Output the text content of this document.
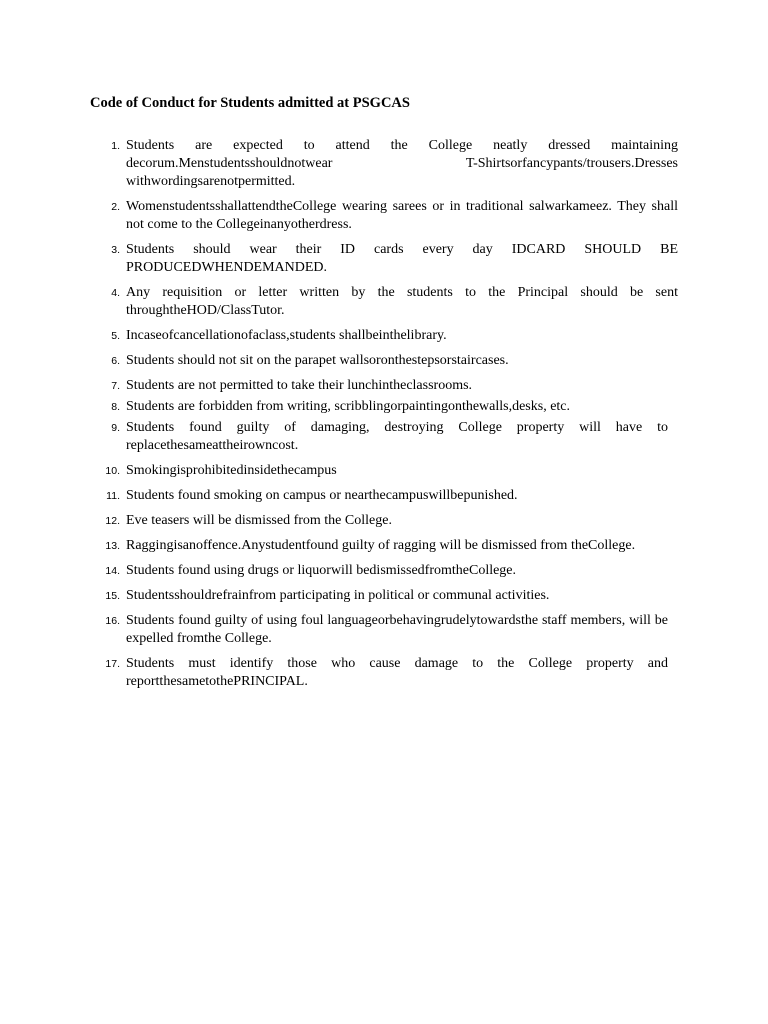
Code of Conduct for Students admitted at PSGCAS
1. Students are expected to attend the College neatly dressed maintaining decorum.Menstudentsshouldnotwear T-Shirtsorfancypants/trousers.Dresses withwordingsarenotpermitted.
2. WomenstudentsshallattendtheCollege wearing sarees or in traditional salwarkameez. They shall not come to the Collegeinanyotherdress.
3. Students should wear their ID cards every day IDCARD SHOULD BE PRODUCEDWHENDEMANDED.
4. Any requisition or letter written by the students to the Principal should be sent throughtheHOD/ClassTutor.
5. Incaseofcancellationofaclass,students shallbeinthelibrary.
6. Students should not sit on the parapet wallsoronthestepsorstaircases.
7. Students are not permitted to take their lunchintheclassrooms.
8. Students are forbidden from writing, scribblingorpaintingonthewalls,desks, etc.
9. Students found guilty of damaging, destroying College property will have to replacethesameattheirowncost.
10. Smokingisprohibitedinsidethecampus
11. Students found smoking on campus or nearthecampuswillbepunished.
12. Eve teasers will be dismissed from the College.
13. Raggingisanoffence.Anystudentfound guilty of ragging will be dismissed from theCollege.
14. Students found using drugs or liquorwill bedismissedfromtheCollege.
15. Studentsshouldrefrainfrom participating in political or communal activities.
16. Students found guilty of using foul languageorbehavingrudelytowardsthe staff members, will be expelled fromthe College.
17. Students must identify those who cause damage to the College property and reportthesametothePRINCIPAL.
